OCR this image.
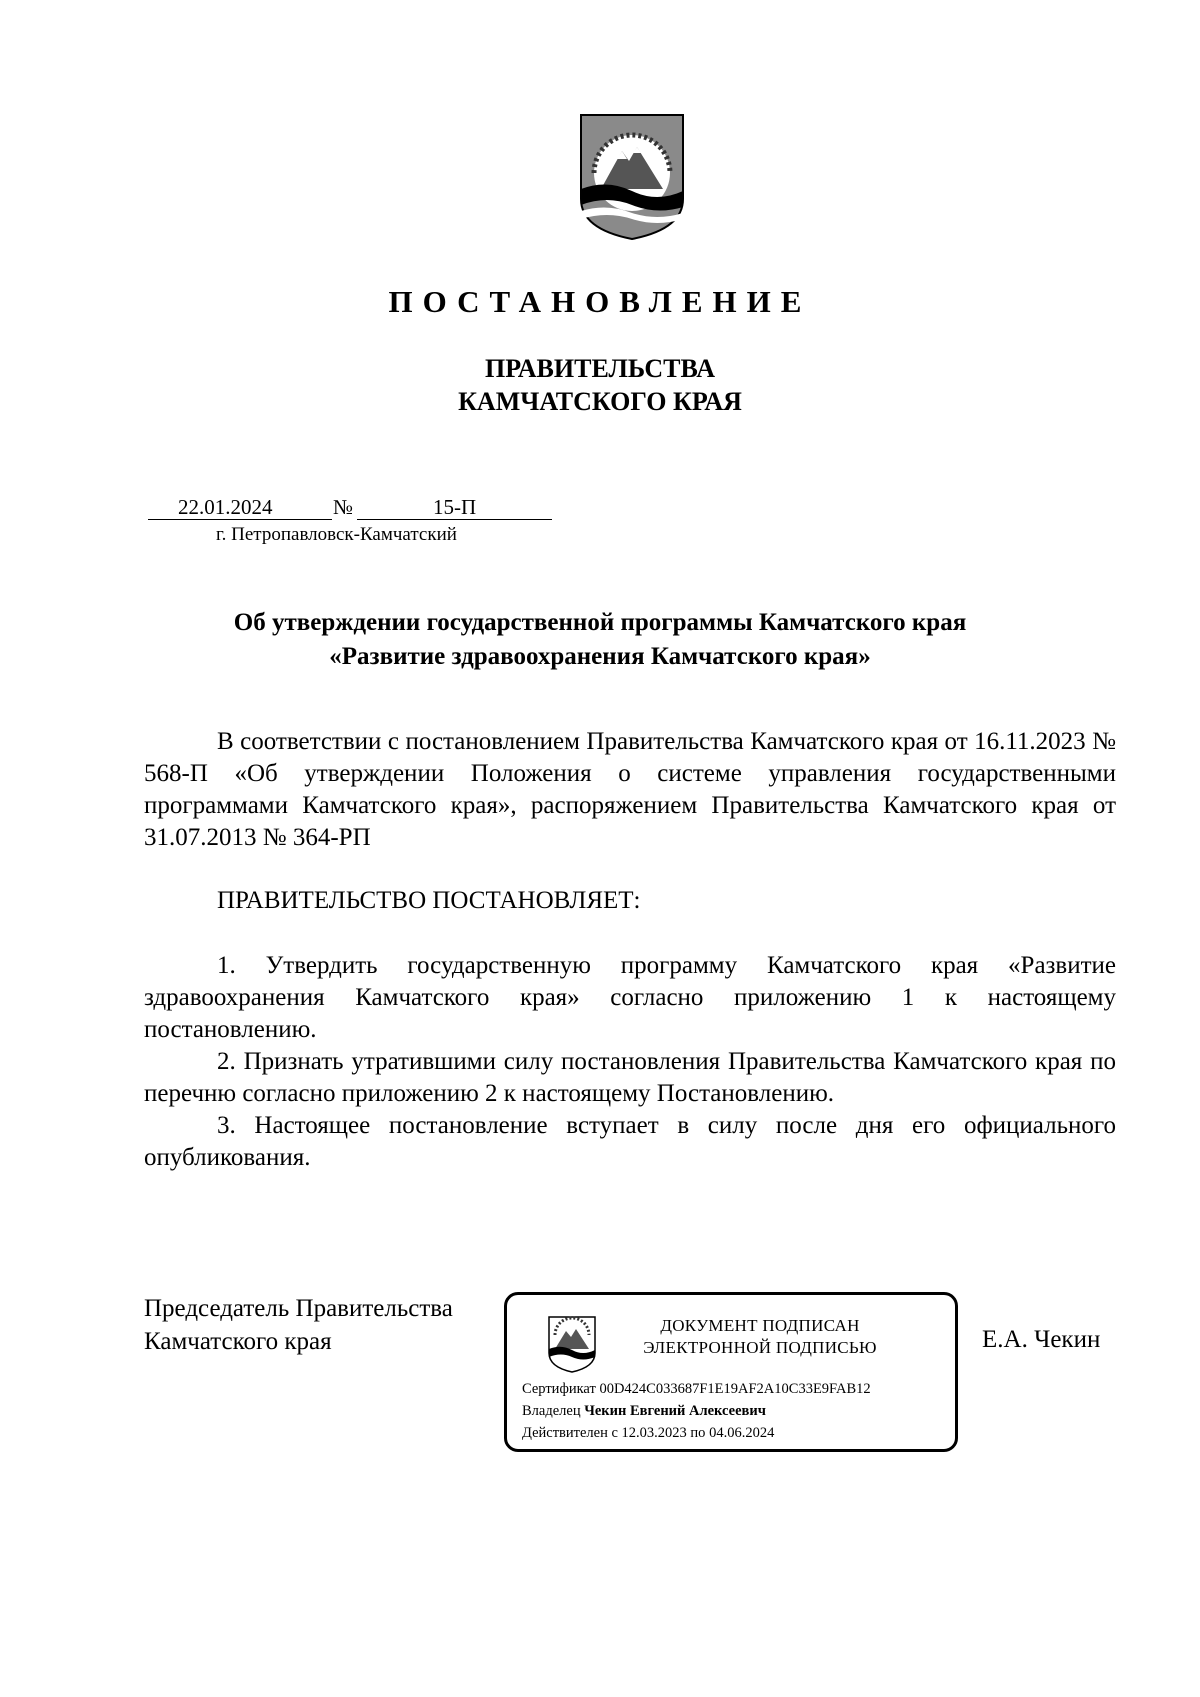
ПОСТАНОВЛЕНИЕ
ПРАВИТЕЛЬСТВА
КАМЧАТСКОГО КРАЯ
22.01.2024	№	15-П
г. Петропавловск-Камчатский
Об утверждении государственной программы Камчатского края
«Развитие здравоохранения Камчатского края»

В соответствии с постановлением Правительства Камчатского края от 16.11.2023 № 568-П «Об утверждении Положения о системе управления государственными программами Камчатского края», распоряжением Правительства Камчатского края от 31.07.2013 № 364-РП

ПРАВИТЕЛЬСТВО ПОСТАНОВЛЯЕТ:

1. Утвердить государственную программу Камчатского края «Развитие здравоохранения Камчатского края» согласно приложению 1 к настоящему постановлению.

2. Признать утратившими силу постановления Правительства Камчатского края по перечню согласно приложению 2 к настоящему Постановлению.

3. Настоящее постановление вступает в силу после дня его официального опубликования.

Председатель Правительства
Камчатского края
ДОКУМЕНТ ПОДПИСАН
ЭЛЕКТРОННОЙ ПОДПИСЬЮ
Сертификат 00D424C033687F1E19AF2A10C33E9FAB12
Владелец Чекин Евгений Алексеевич
Действителен с 12.03.2023 по 04.06.2024
Е.А. Чекин
